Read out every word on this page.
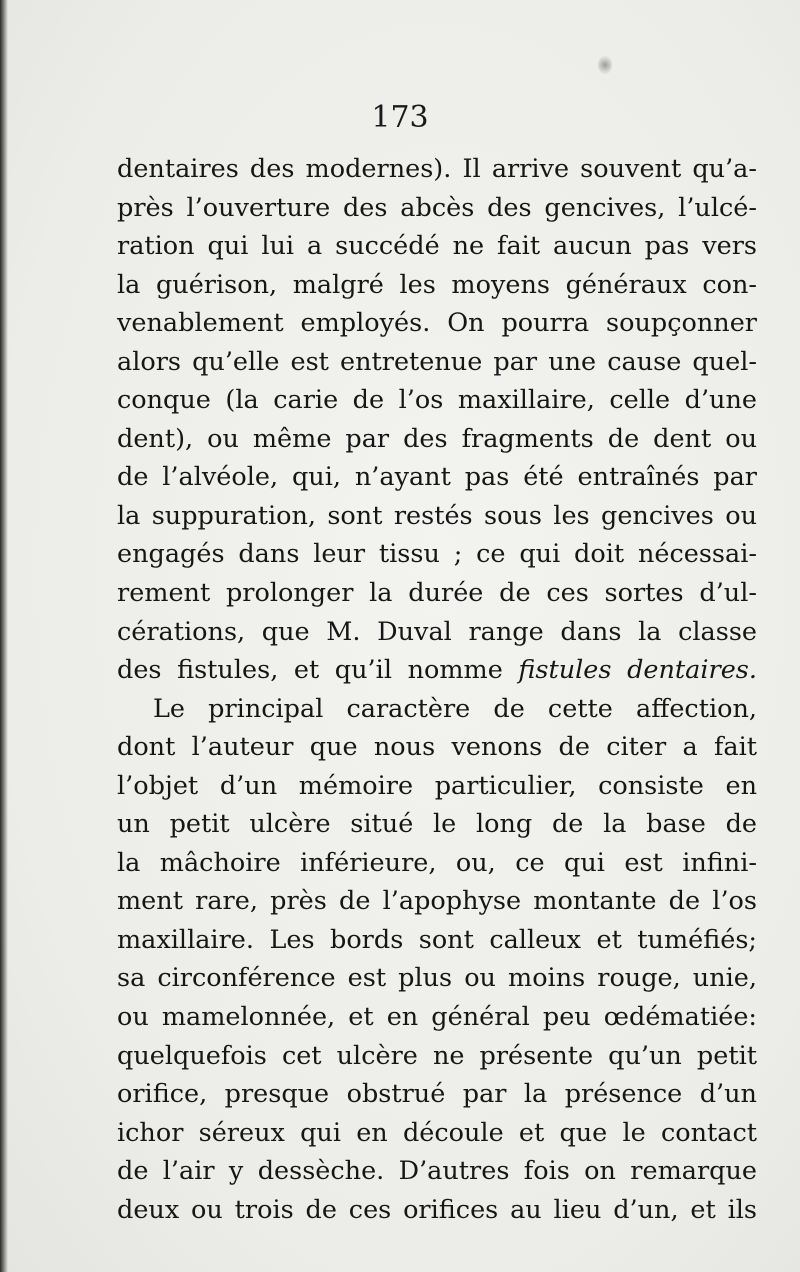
173

dentaires des modernes). Il arrive souvent qu’a-
près l’ouverture des abcès des gencives, l’ulcé-
ration qui lui a succédé ne fait aucun pas vers
la guérison, malgré les moyens généraux con-
venablement employés. On pourra soupçonner
alors qu’elle est entretenue par une cause quel-
conque (la carie de l’os maxillaire, celle d’une
dent), ou même par des fragments de dent ou
de l’alvéole, qui, n’ayant pas été entraînés par
la suppuration, sont restés sous les gencives ou
engagés dans leur tissu ; ce qui doit nécessai-
rement prolonger la durée de ces sortes d’ul-
cérations, que M. Duval range dans la classe
des fistules, et qu’il nomme fistules dentaires.
Le principal caractère de cette affection,
dont l’auteur que nous venons de citer a fait
l’objet d’un mémoire particulier, consiste en
un petit ulcère situé le long de la base de
la mâchoire inférieure, ou, ce qui est infini-
ment rare, près de l’apophyse montante de l’os
maxillaire. Les bords sont calleux et tuméfiés;
sa circonférence est plus ou moins rouge, unie,
ou mamelonnée, et en général peu œdématiée:
quelquefois cet ulcère ne présente qu’un petit
orifice, presque obstrué par la présence d’un
ichor séreux qui en découle et que le contact
de l’air y dessèche. D’autres fois on remarque
deux ou trois de ces orifices au lieu d’un, et ils
